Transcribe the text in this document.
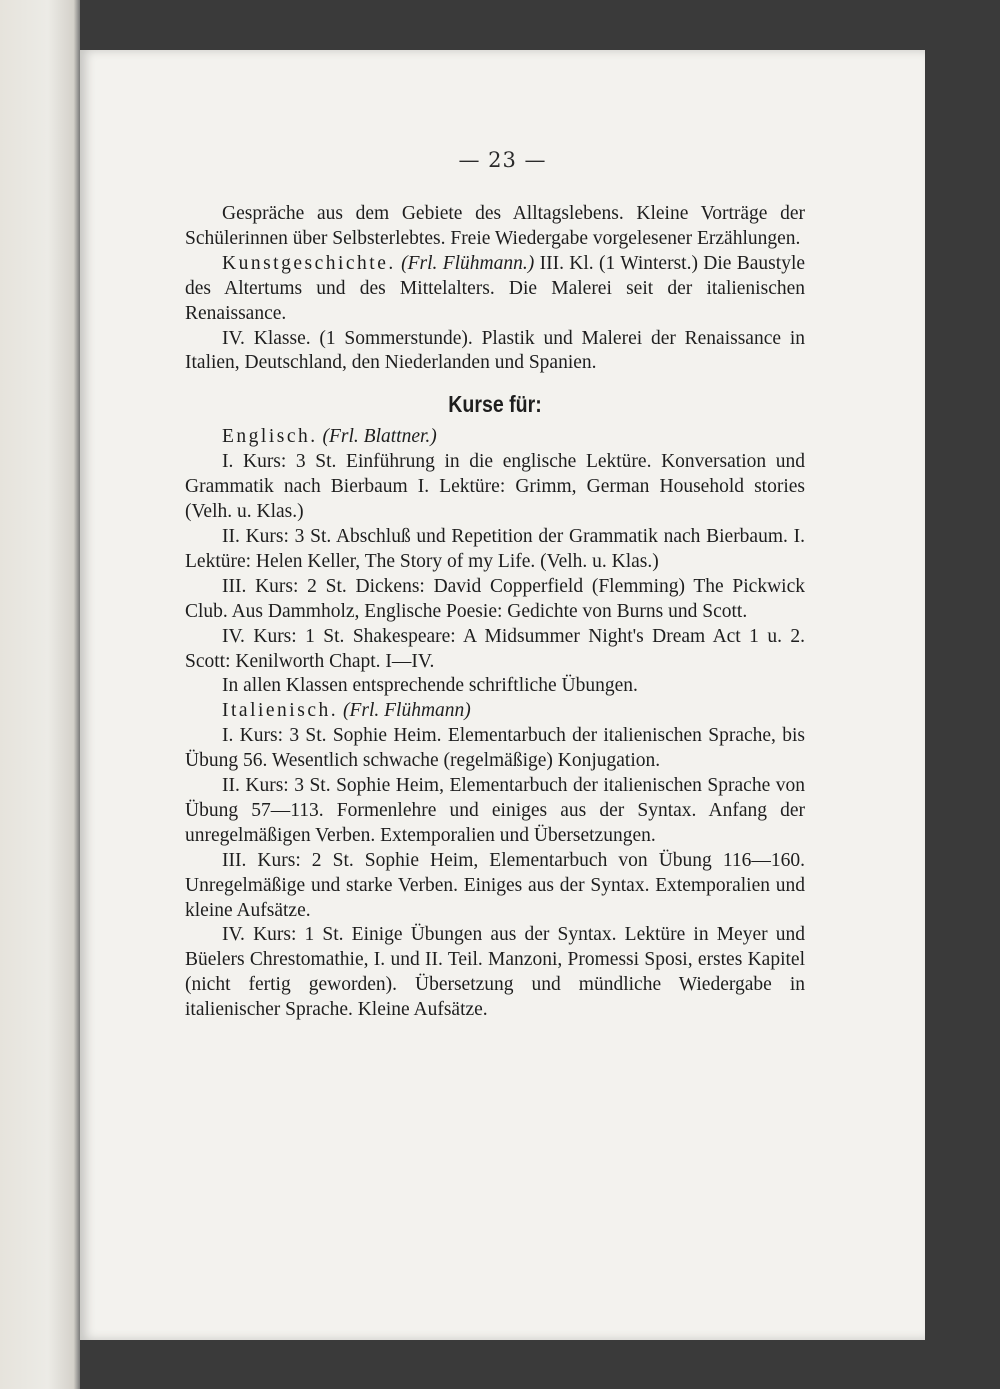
— 23 —

Gespräche aus dem Gebiete des Alltagslebens. Kleine Vorträge der Schülerinnen über Selbsterlebtes. Freie Wiedergabe vorgelesener Erzählungen.

Kunstgeschichte. (Frl. Flühmann.) III. Kl. (1 Winterst.) Die Baustyle des Altertums und des Mittelalters. Die Malerei seit der italienischen Renaissance.

IV. Klasse. (1 Sommerstunde). Plastik und Malerei der Renaissance in Italien, Deutschland, den Niederlanden und Spanien.

Kurse für:

Englisch. (Frl. Blattner.)

I. Kurs: 3 St. Einführung in die englische Lektüre. Konversation und Grammatik nach Bierbaum I. Lektüre: Grimm, German Household stories (Velh. u. Klas.)

II. Kurs: 3 St. Abschluß und Repetition der Grammatik nach Bierbaum. I. Lektüre: Helen Keller, The Story of my Life. (Velh. u. Klas.)

III. Kurs: 2 St. Dickens: David Copperfield (Flemming) The Pickwick Club. Aus Dammholz, Englische Poesie: Gedichte von Burns und Scott.

IV. Kurs: 1 St. Shakespeare: A Midsummer Night's Dream Act 1 u. 2. Scott: Kenilworth Chapt. I—IV.

In allen Klassen entsprechende schriftliche Übungen.

Italienisch. (Frl. Flühmann)

I. Kurs: 3 St. Sophie Heim. Elementarbuch der italienischen Sprache, bis Übung 56. Wesentlich schwache (regelmäßige) Konjugation.

II. Kurs: 3 St. Sophie Heim, Elementarbuch der italienischen Sprache von Übung 57—113. Formenlehre und einiges aus der Syntax. Anfang der unregelmäßigen Verben. Extemporalien und Übersetzungen.

III. Kurs: 2 St. Sophie Heim, Elementarbuch von Übung 116—160. Unregelmäßige und starke Verben. Einiges aus der Syntax. Extemporalien und kleine Aufsätze.

IV. Kurs: 1 St. Einige Übungen aus der Syntax. Lektüre in Meyer und Büelers Chrestomathie, I. und II. Teil. Manzoni, Promessi Sposi, erstes Kapitel (nicht fertig geworden). Übersetzung und mündliche Wiedergabe in italienischer Sprache. Kleine Aufsätze.
